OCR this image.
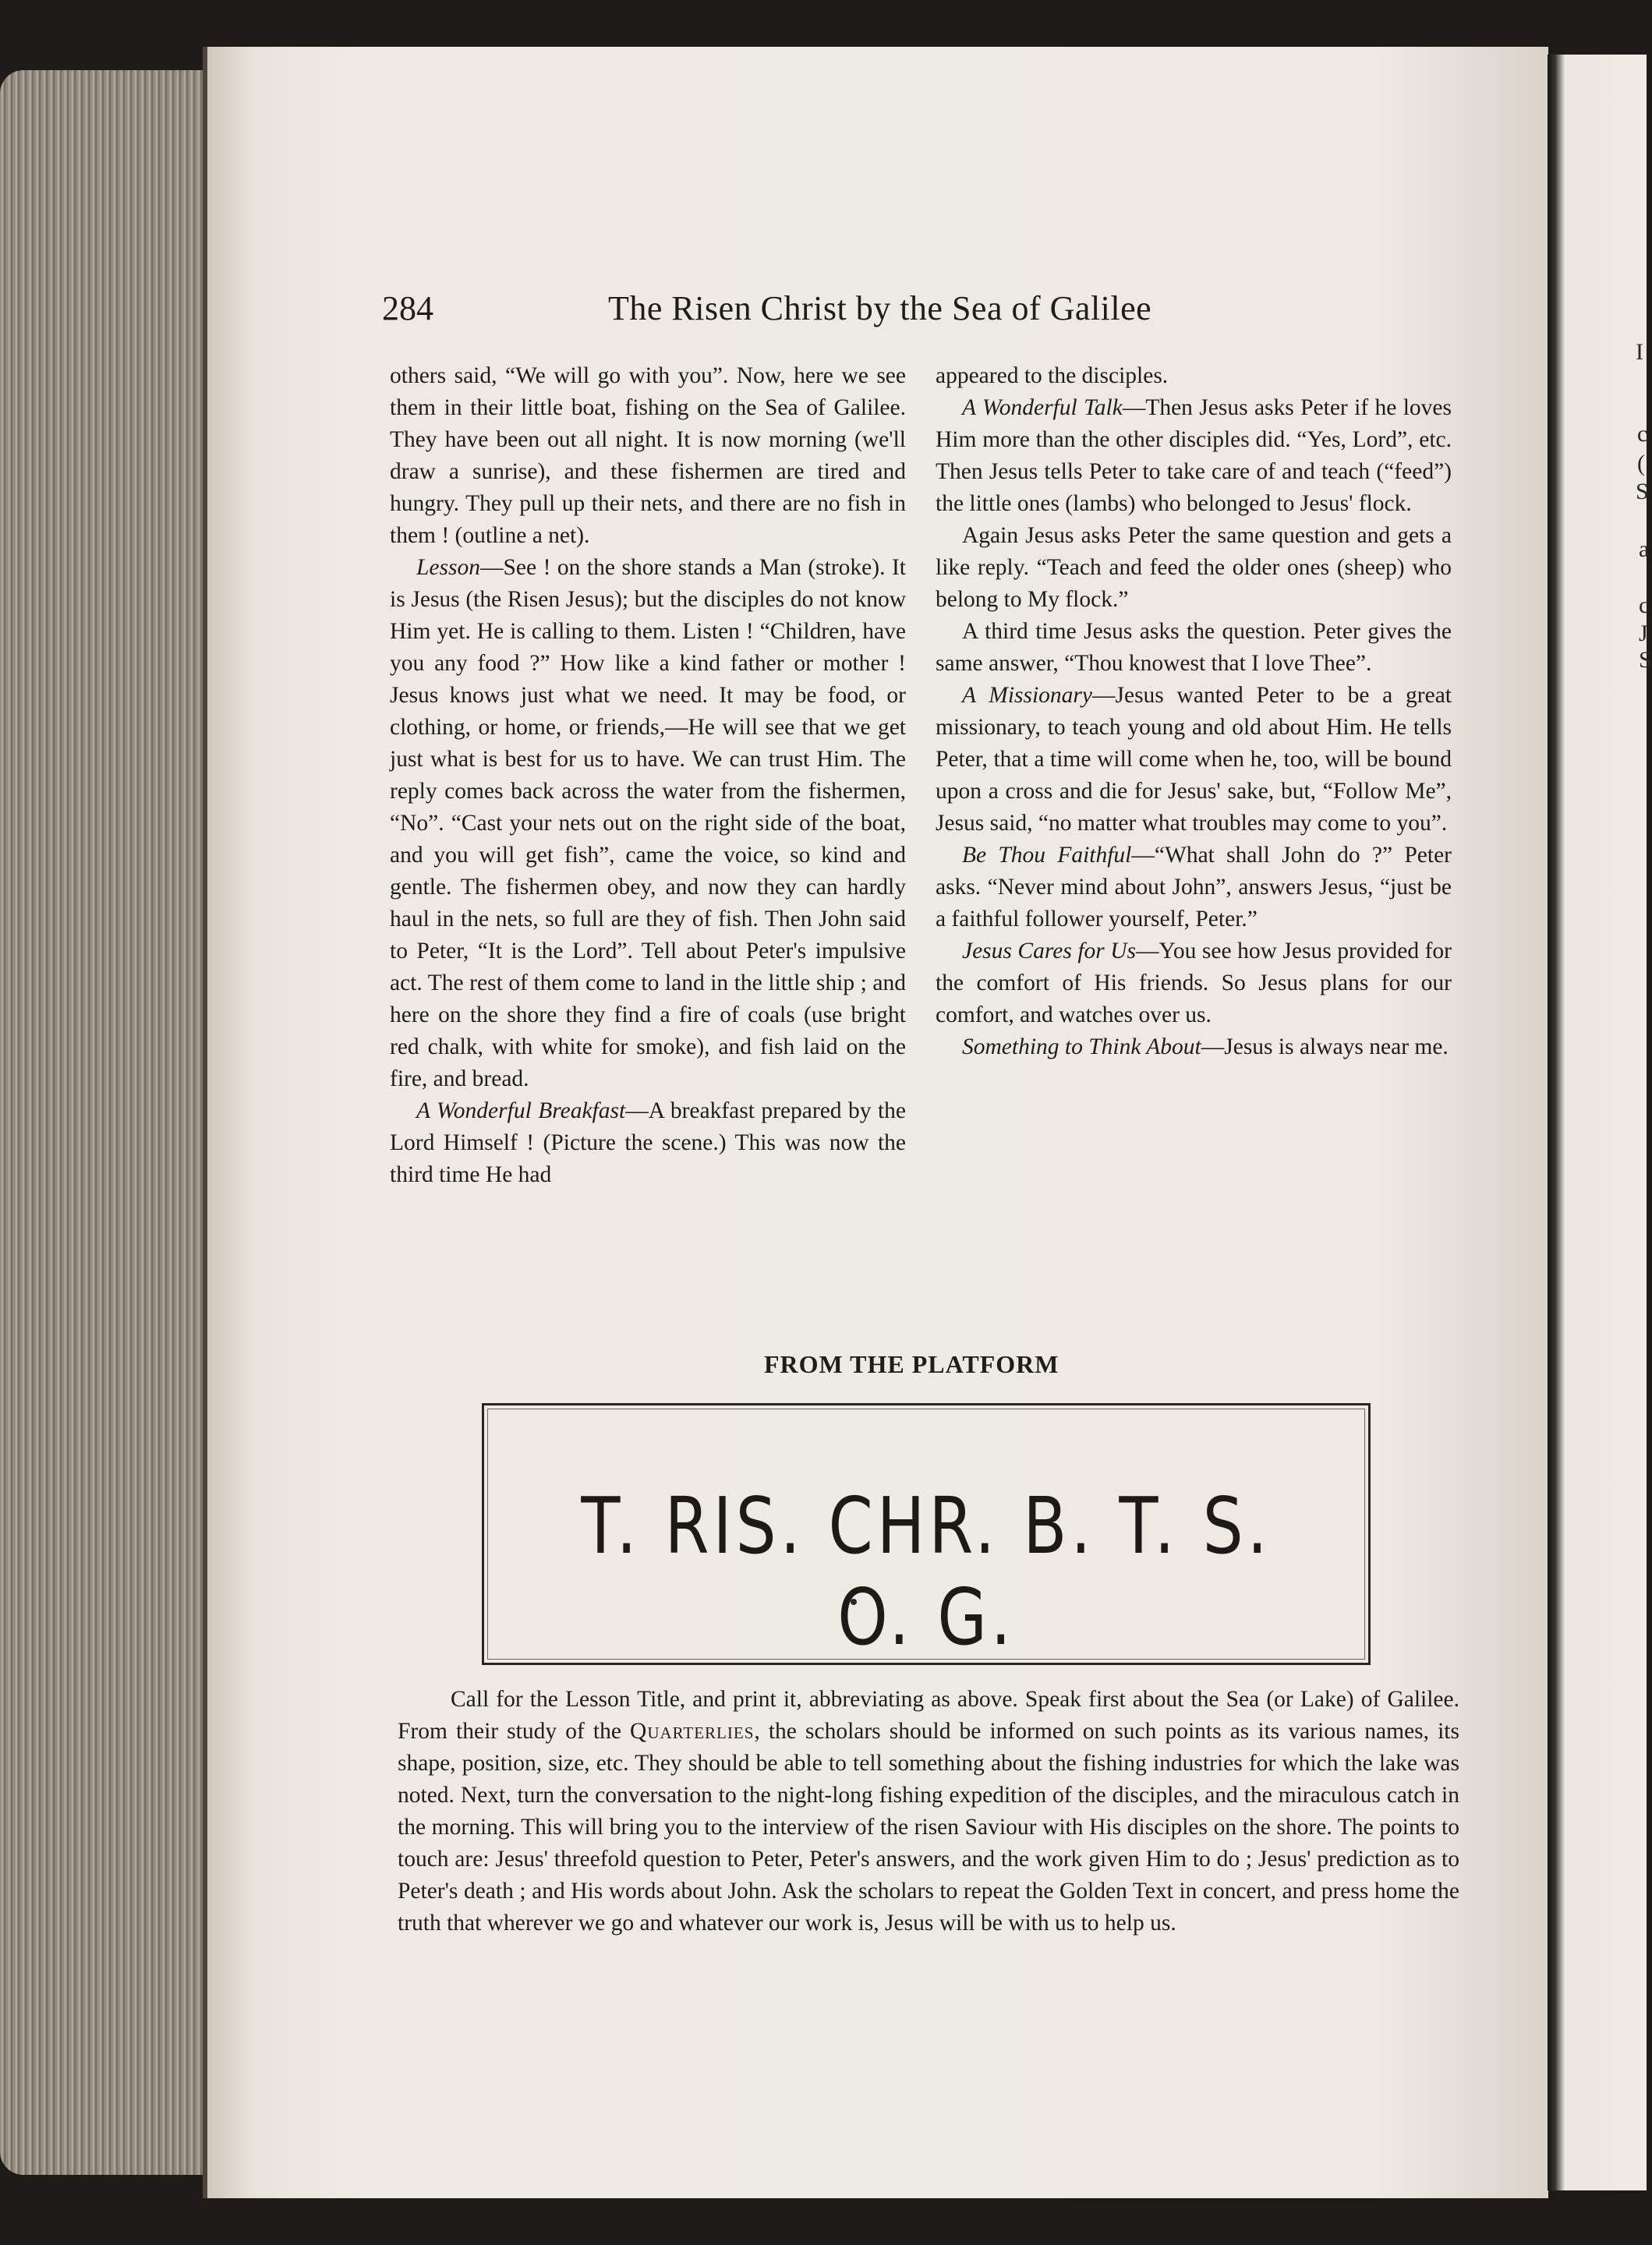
I
c
(
S
a
c
J
S
284	The Risen Christ by the Sea of Galilee

others said, “We will go with you”. Now, here we see them in their little boat, fishing on the Sea of Galilee. They have been out all night. It is now morning (we'll draw a sunrise), and these fishermen are tired and hungry. They pull up their nets, and there are no fish in them ! (outline a net).

Lesson—See ! on the shore stands a Man (stroke). It is Jesus (the Risen Jesus); but the disciples do not know Him yet. He is calling to them. Listen ! “Children, have you any food ?” How like a kind father or mother ! Jesus knows just what we need. It may be food, or clothing, or home, or friends,—He will see that we get just what is best for us to have. We can trust Him. The reply comes back across the water from the fishermen, “No”. “Cast your nets out on the right side of the boat, and you will get fish”, came the voice, so kind and gentle. The fishermen obey, and now they can hardly haul in the nets, so full are they of fish. Then John said to Peter, “It is the Lord”. Tell about Peter's impulsive act. The rest of them come to land in the little ship ; and here on the shore they find a fire of coals (use bright red chalk, with white for smoke), and fish laid on the fire, and bread.

A Wonderful Breakfast—A breakfast prepared by the Lord Himself ! (Picture the scene.) This was now the third time He had

appeared to the disciples.

A Wonderful Talk—Then Jesus asks Peter if he loves Him more than the other disciples did. “Yes, Lord”, etc. Then Jesus tells Peter to take care of and teach (“feed”) the little ones (lambs) who belonged to Jesus' flock.

Again Jesus asks Peter the same question and gets a like reply. “Teach and feed the older ones (sheep) who belong to My flock.”

A third time Jesus asks the question. Peter gives the same answer, “Thou knowest that I love Thee”.

A Missionary—Jesus wanted Peter to be a great missionary, to teach young and old about Him. He tells Peter, that a time will come when he, too, will be bound upon a cross and die for Jesus' sake, but, “Follow Me”, Jesus said, “no matter what troubles may come to you”.

Be Thou Faithful—“What shall John do ?” Peter asks. “Never mind about John”, answers Jesus, “just be a faithful follower yourself, Peter.”

Jesus Cares for Us—You see how Jesus provided for the comfort of His friends. So Jesus plans for our comfort, and watches over us.

Something to Think About—Jesus is always near me.

FROM THE PLATFORM
T. RIS. CHR. B. T. S. O. G.

Call for the Lesson Title, and print it, abbreviating as above. Speak first about the Sea (or Lake) of Galilee. From their study of the Quarterlies, the scholars should be informed on such points as its various names, its shape, position, size, etc. They should be able to tell something about the fishing industries for which the lake was noted. Next, turn the conversation to the night-long fishing expedition of the disciples, and the miraculous catch in the morning. This will bring you to the interview of the risen Saviour with His disciples on the shore. The points to touch are: Jesus' threefold question to Peter, Peter's answers, and the work given Him to do ; Jesus' prediction as to Peter's death ; and His words about John. Ask the scholars to repeat the Golden Text in concert, and press home the truth that wherever we go and whatever our work is, Jesus will be with us to help us.
